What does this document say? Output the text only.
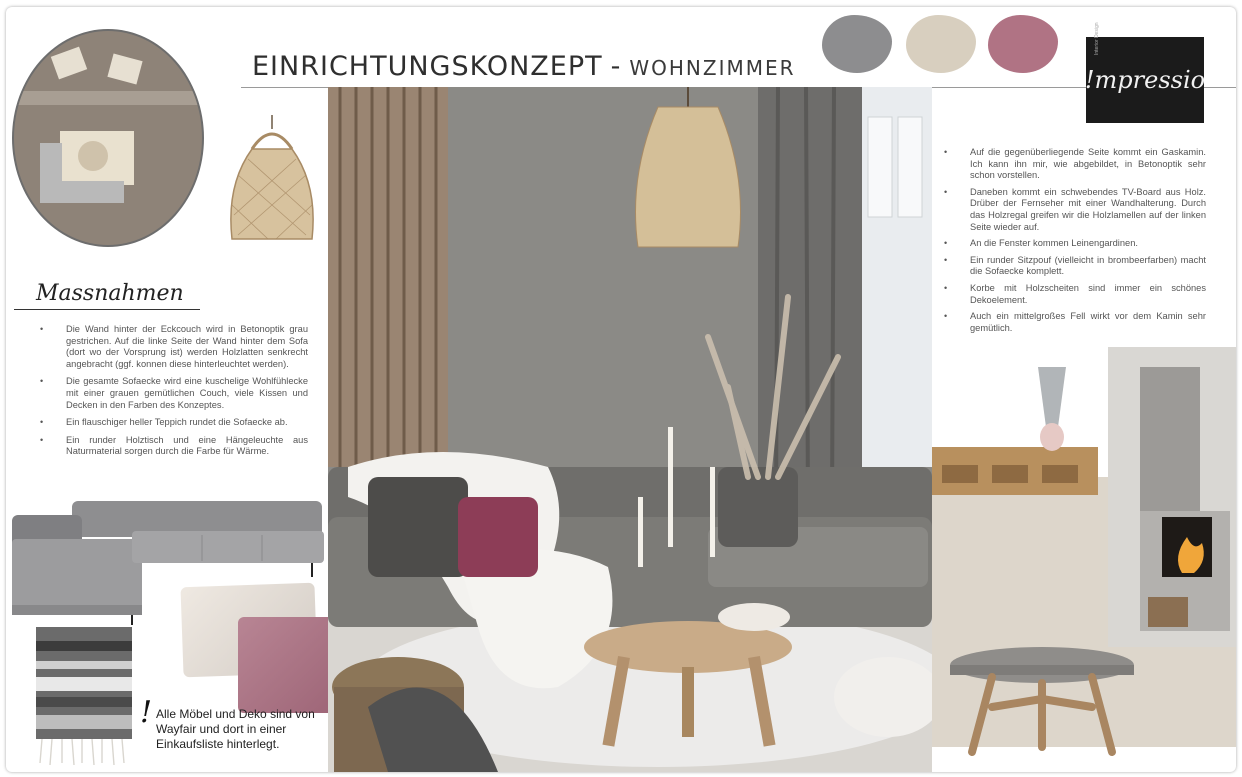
EINRICHTUNGSKONZEPT - WOHNZIMMER
Interior Design
!mpressio
Massnahmen
• Die Wand hinter der Eckcouch wird in Betonoptik grau gestrichen. Auf die linke Seite der Wand hinter dem Sofa (dort wo der Vorsprung ist) werden Holzlatten senkrecht angebracht (ggf. konnen diese hinterleuchtet werden).
• Die gesamte Sofaecke wird eine kuschelige Wohlfühlecke mit einer grauen gemütlichen Couch, viele Kissen und Decken in den Farben des Konzeptes.
• Ein flauschiger heller Teppich rundet die Sofaecke ab.
• Ein runder Holztisch und eine Hängeleuchte aus Naturmaterial sorgen durch die Farbe für Wärme.
! Alle Möbel und Deko sind von Wayfair und dort in einer Einkaufsliste hinterlegt.
• Auf die gegenüberliegende Seite kommt ein Gaskamin. Ich kann ihn mir, wie abgebildet, in Betonoptik sehr schon vorstellen.
• Daneben kommt ein schwebendes TV-Board aus Holz. Drüber der Fernseher mit einer Wandhalterung. Durch das Holzregal greifen wir die Holzlamellen auf der linken Seite wieder auf.
• An die Fenster kommen Leinengardinen.
• Ein runder Sitzpouf (vielleicht in brombeerfarben) macht die Sofaecke komplett.
• Korbe mit Holzscheiten sind immer ein schönes Dekoelement.
• Auch ein mittelgroßes Fell wirkt vor dem Kamin sehr gemütlich.
